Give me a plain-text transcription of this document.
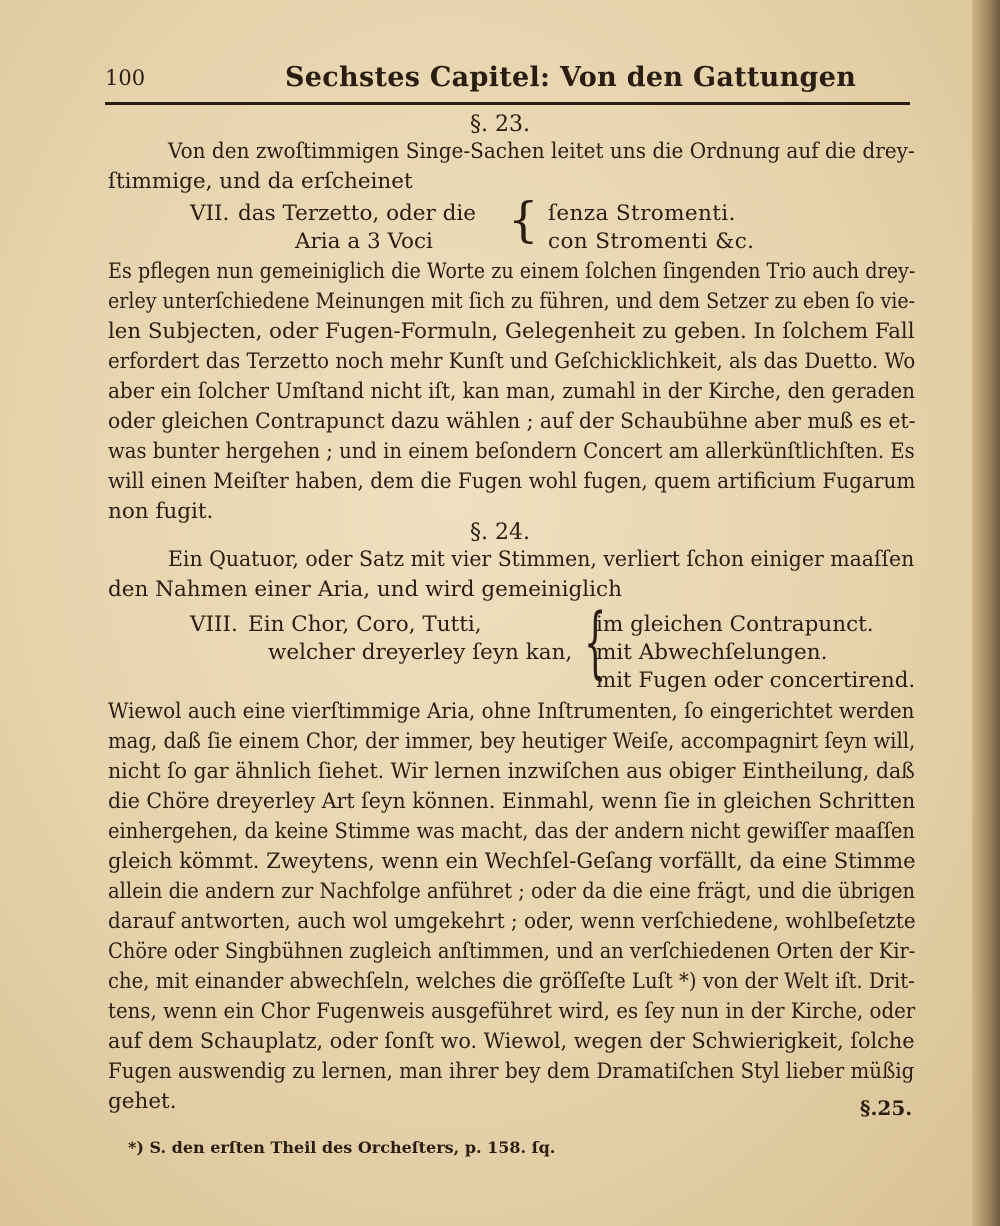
100	Sechstes Capitel: Von den Gattungen
§. 23.
Von den zwoſtimmigen Singe-Sachen leitet uns die Ordnung auf die drey-
ſtimmige, und da erſcheinet
VII. das Terzetto, oder die
Aria a 3 Voci { ſenza Stromenti.
con Stromenti &c.
Es pflegen nun gemeiniglich die Worte zu einem ſolchen ſingenden Trio auch drey-
erley unterſchiedene Meinungen mit ſich zu führen, und dem Setzer zu eben ſo vie-
len Subjecten, oder Fugen-Formuln, Gelegenheit zu geben. In ſolchem Fall
erfordert das Terzetto noch mehr Kunſt und Geſchicklichkeit, als das Duetto. Wo
aber ein ſolcher Umſtand nicht iſt, kan man, zumahl in der Kirche, den geraden
oder gleichen Contrapunct dazu wählen ; auf der Schaubühne aber muß es et-
was bunter hergehen ; und in einem beſondern Concert am allerkünſtlichſten. Es
will einen Meiſter haben, dem die Fugen wohl fugen, quem artificium Fugarum
non fugit.
§. 24.
Ein Quatuor, oder Satz mit vier Stimmen, verliert ſchon einiger maaſſen
den Nahmen einer Aria, und wird gemeiniglich
VIII. Ein Chor, Coro, Tutti,
welcher dreyerley ſeyn kan, {
im gleichen Contrapunct.
mit Abwechſelungen.
mit Fugen oder concertirend.
Wiewol auch eine vierſtimmige Aria, ohne Inſtrumenten, ſo eingerichtet werden
mag, daß ſie einem Chor, der immer, bey heutiger Weiſe, accompagnirt ſeyn will,
nicht ſo gar ähnlich ſiehet. Wir lernen inzwiſchen aus obiger Eintheilung, daß
die Chöre dreyerley Art ſeyn können. Einmahl, wenn ſie in gleichen Schritten
einhergehen, da keine Stimme was macht, das der andern nicht gewiſſer maaſſen
gleich kömmt. Zweytens, wenn ein Wechſel-Geſang vorfällt, da eine Stimme
allein die andern zur Nachfolge anführet ; oder da die eine frägt, und die übrigen
darauf antworten, auch wol umgekehrt ; oder, wenn verſchiedene, wohlbeſetzte
Chöre oder Singbühnen zugleich anſtimmen, und an verſchiedenen Orten der Kir-
che, mit einander abwechſeln, welches die gröſſeſte Luſt *) von der Welt iſt. Drit-
tens, wenn ein Chor Fugenweis ausgeführet wird, es ſey nun in der Kirche, oder
auf dem Schauplatz, oder ſonſt wo. Wiewol, wegen der Schwierigkeit, ſolche
Fugen auswendig zu lernen, man ihrer bey dem Dramatiſchen Styl lieber müßig
gehet.	§.25.
*) S. den erſten Theil des Orcheſters, p. 158. ſq.
